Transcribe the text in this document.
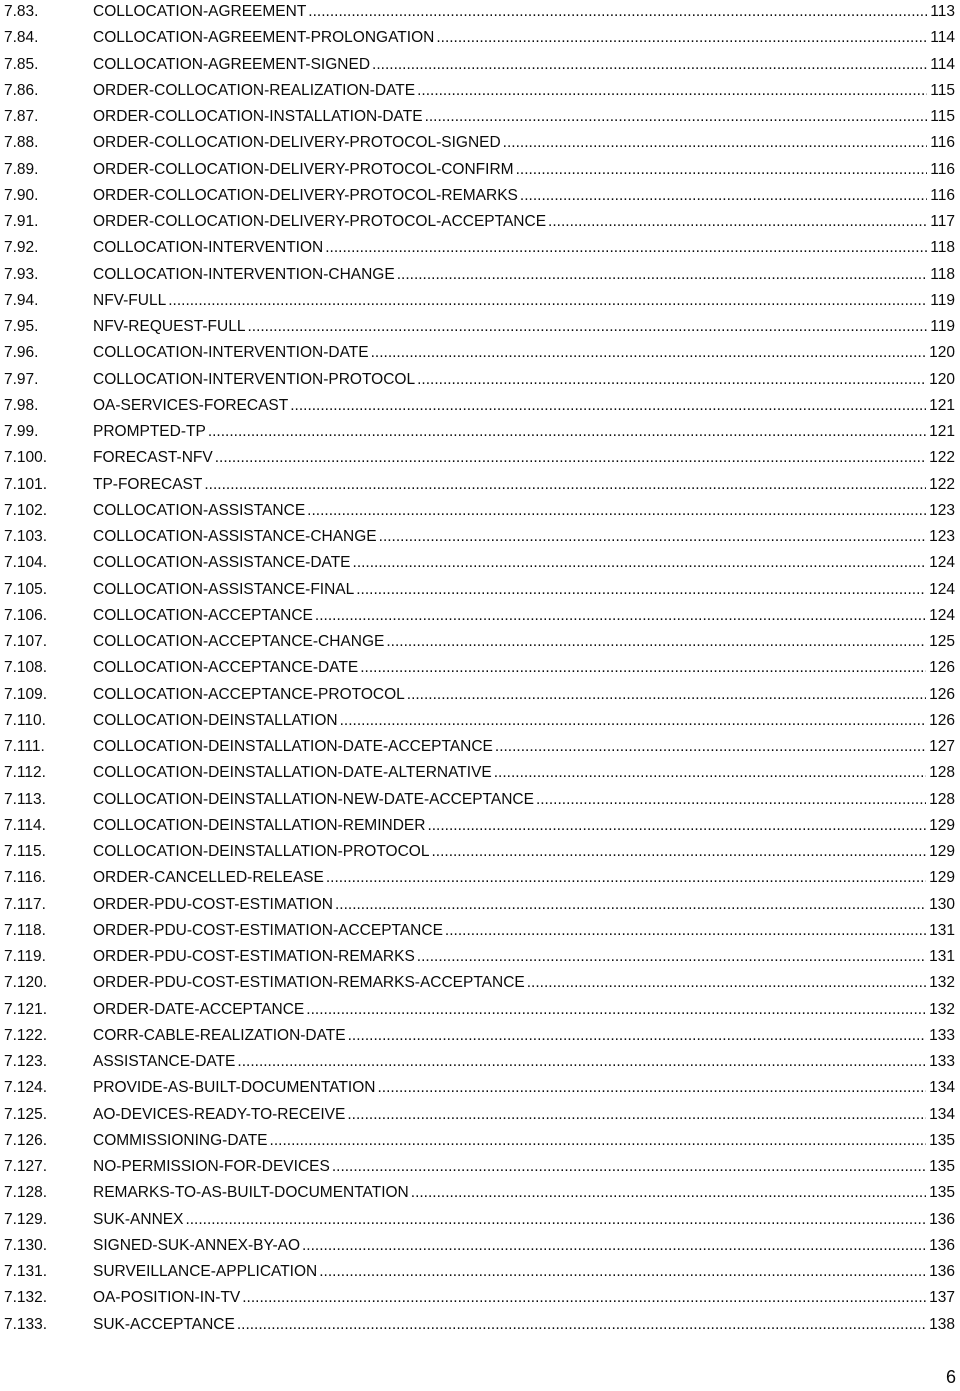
7.83.	COLLOCATION-AGREEMENT .....	113
7.84.	COLLOCATION-AGREEMENT-PROLONGATION .....	114
7.85.	COLLOCATION-AGREEMENT-SIGNED .....	114
7.86.	ORDER-COLLOCATION-REALIZATION-DATE .....	115
7.87.	ORDER-COLLOCATION-INSTALLATION-DATE .....	115
7.88.	ORDER-COLLOCATION-DELIVERY-PROTOCOL-SIGNED .....	116
7.89.	ORDER-COLLOCATION-DELIVERY-PROTOCOL-CONFIRM .....	116
7.90.	ORDER-COLLOCATION-DELIVERY-PROTOCOL-REMARKS .....	116
7.91.	ORDER-COLLOCATION-DELIVERY-PROTOCOL-ACCEPTANCE .....	117
7.92.	COLLOCATION-INTERVENTION .....	118
7.93.	COLLOCATION-INTERVENTION-CHANGE .....	118
7.94.	NFV-FULL .....	119
7.95.	NFV-REQUEST-FULL .....	119
7.96.	COLLOCATION-INTERVENTION-DATE .....	120
7.97.	COLLOCATION-INTERVENTION-PROTOCOL .....	120
7.98.	OA-SERVICES-FORECAST .....	121
7.99.	PROMPTED-TP .....	121
7.100.	FORECAST-NFV .....	122
7.101.	TP-FORECAST .....	122
7.102.	COLLOCATION-ASSISTANCE .....	123
7.103.	COLLOCATION-ASSISTANCE-CHANGE .....	123
7.104.	COLLOCATION-ASSISTANCE-DATE .....	124
7.105.	COLLOCATION-ASSISTANCE-FINAL .....	124
7.106.	COLLOCATION-ACCEPTANCE .....	124
7.107.	COLLOCATION-ACCEPTANCE-CHANGE .....	125
7.108.	COLLOCATION-ACCEPTANCE-DATE .....	126
7.109.	COLLOCATION-ACCEPTANCE-PROTOCOL .....	126
7.110.	COLLOCATION-DEINSTALLATION .....	126
7.111.	COLLOCATION-DEINSTALLATION-DATE-ACCEPTANCE .....	127
7.112.	COLLOCATION-DEINSTALLATION-DATE-ALTERNATIVE .....	128
7.113.	COLLOCATION-DEINSTALLATION-NEW-DATE-ACCEPTANCE .....	128
7.114.	COLLOCATION-DEINSTALLATION-REMINDER .....	129
7.115.	COLLOCATION-DEINSTALLATION-PROTOCOL .....	129
7.116.	ORDER-CANCELLED-RELEASE .....	129
7.117.	ORDER-PDU-COST-ESTIMATION .....	130
7.118.	ORDER-PDU-COST-ESTIMATION-ACCEPTANCE .....	131
7.119.	ORDER-PDU-COST-ESTIMATION-REMARKS .....	131
7.120.	ORDER-PDU-COST-ESTIMATION-REMARKS-ACCEPTANCE .....	132
7.121.	ORDER-DATE-ACCEPTANCE .....	132
7.122.	CORR-CABLE-REALIZATION-DATE .....	133
7.123.	ASSISTANCE-DATE .....	133
7.124.	PROVIDE-AS-BUILT-DOCUMENTATION .....	134
7.125.	AO-DEVICES-READY-TO-RECEIVE .....	134
7.126.	COMMISSIONING-DATE .....	135
7.127.	NO-PERMISSION-FOR-DEVICES .....	135
7.128.	REMARKS-TO-AS-BUILT-DOCUMENTATION .....	135
7.129.	SUK-ANNEX .....	136
7.130.	SIGNED-SUK-ANNEX-BY-AO .....	136
7.131.	SURVEILLANCE-APPLICATION .....	136
7.132.	OA-POSITION-IN-TV .....	137
7.133.	SUK-ACCEPTANCE .....	138
6
